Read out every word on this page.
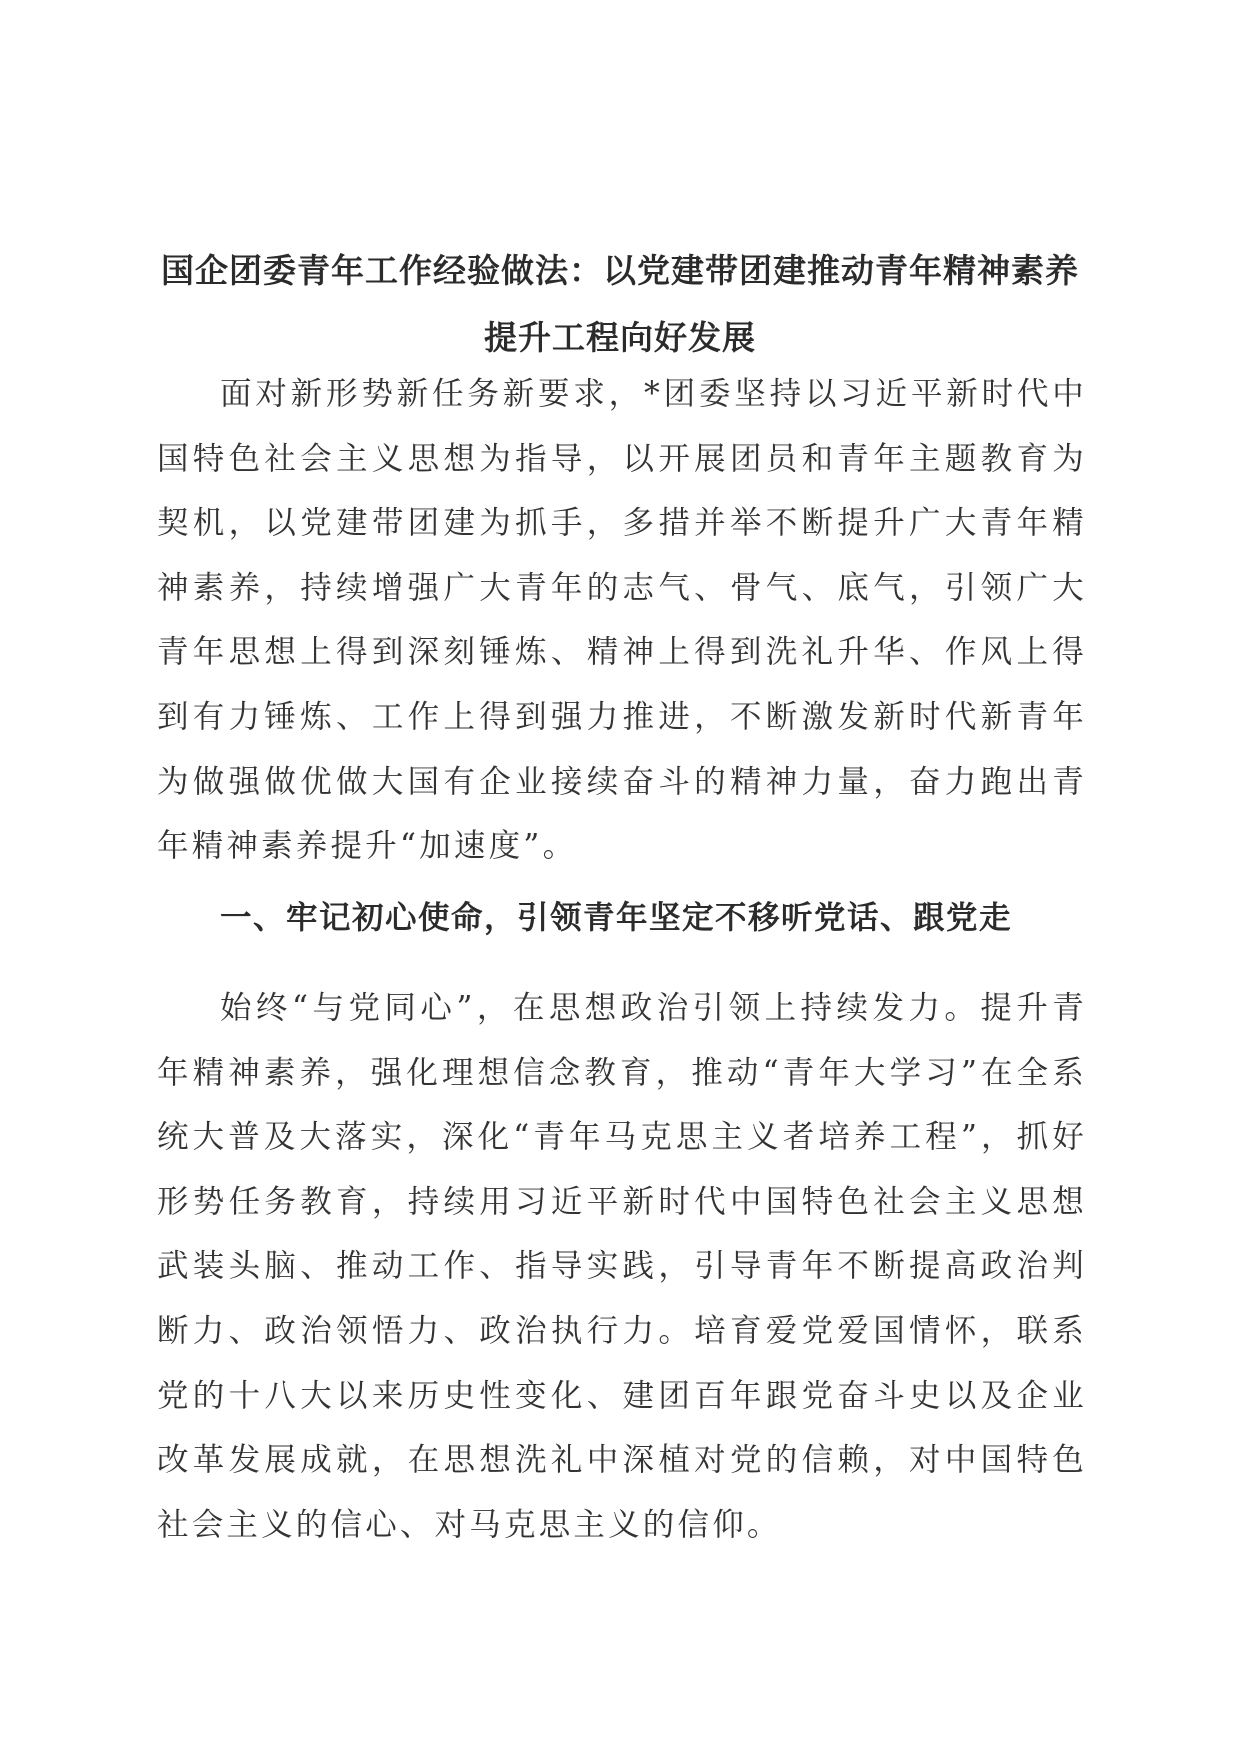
国企团委青年工作经验做法：以党建带团建推动青年精神素养
提升工程向好发展

面对新形势新任务新要求，*团委坚持以习近平新时代中国特色社会主义思想为指导，以开展团员和青年主题教育为契机，以党建带团建为抓手，多措并举不断提升广大青年精神素养，持续增强广大青年的志气、骨气、底气，引领广大青年思想上得到深刻锤炼、精神上得到洗礼升华、作风上得到有力锤炼、工作上得到强力推进，不断激发新时代新青年为做强做优做大国有企业接续奋斗的精神力量，奋力跑出青年精神素养提升“加速度”。

一、牢记初心使命，引领青年坚定不移听党话、跟党走

始终“与党同心”，在思想政治引领上持续发力。提升青年精神素养，强化理想信念教育，推动“青年大学习”在全系统大普及大落实，深化“青年马克思主义者培养工程”，抓好形势任务教育，持续用习近平新时代中国特色社会主义思想武装头脑、推动工作、指导实践，引导青年不断提高政治判断力、政治领悟力、政治执行力。培育爱党爱国情怀，联系党的十八大以来历史性变化、建团百年跟党奋斗史以及企业改革发展成就，在思想洗礼中深植对党的信赖，对中国特色社会主义的信心、对马克思主义的信仰。
